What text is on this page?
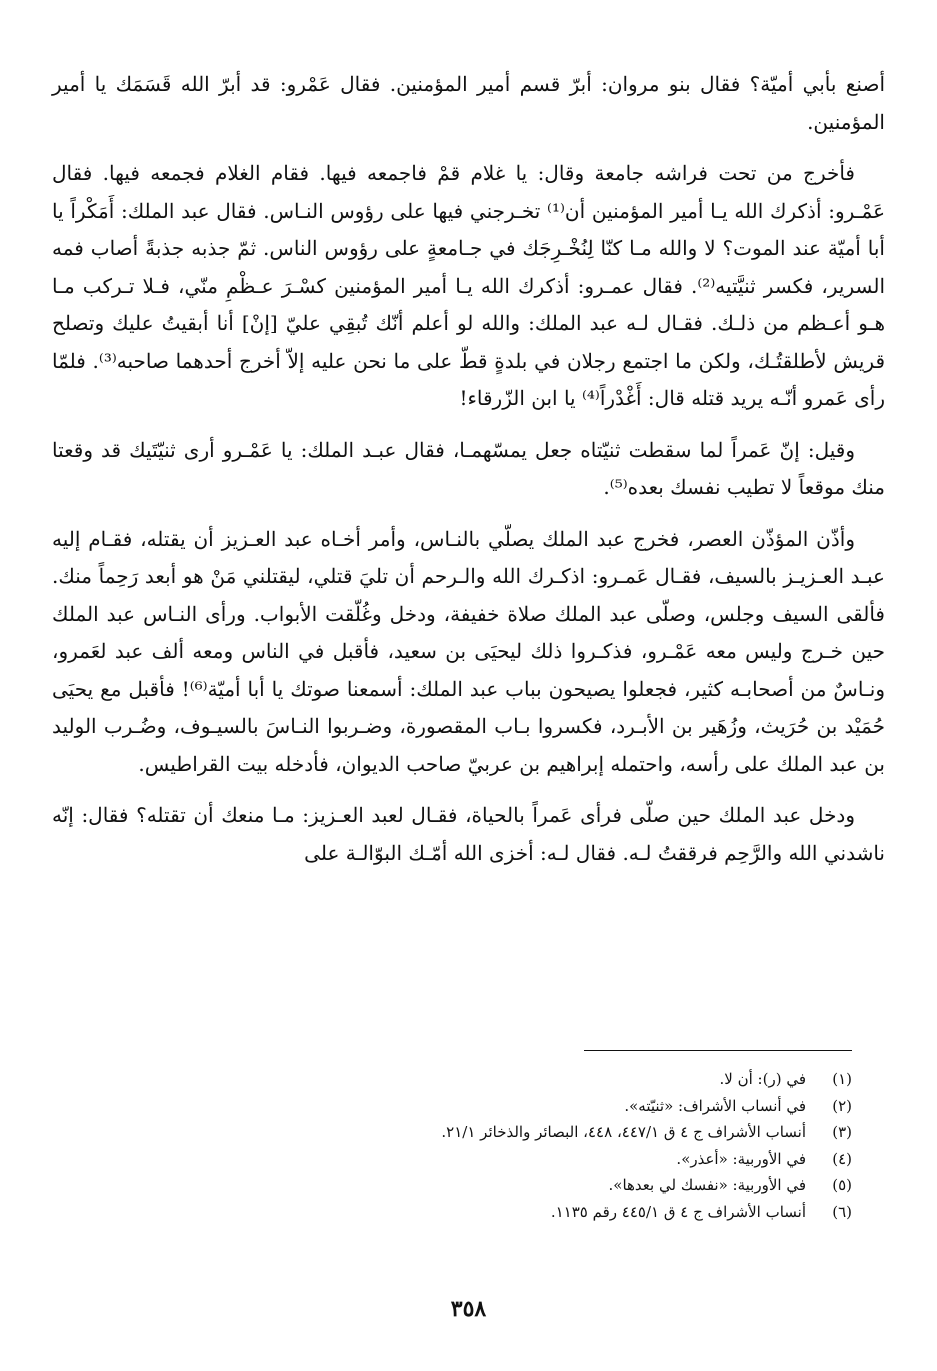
أصنع بأبي أميّة؟ فقال بنو مروان: أبرّ قسم أمير المؤمنين. فقال عَمْرو: قد أبرّ الله قَسَمَك يا أمير المؤمنين.

فأخرج من تحت فراشه جامعة وقال: يا غلام قمْ فاجمعه فيها. فقام الغلام فجمعه فيها. فقال عَمْـرو: أذكرك الله يـا أمير المؤمنين أن⁽¹⁾ تخـرجني فيها على رؤوس النـاس. فقال عبد الملك: أَمَكْراً يا أبا أميّة عند الموت؟ لا والله مـا كنّا لِنُخْـرِجَك في جـامعةٍ على رؤوس الناس. ثمّ جذبه جذبةً أصاب فمه السرير، فكسر ثنيَّتيه⁽²⁾. فقال عمـرو: أذكرك الله يـا أمير المؤمنين كسْـرَ عـظْمِ منّي، فـلا تـركب مـا هـو أعـظم من ذلـك. فقـال لـه عبد الملك: والله لو أعلم أنّك تُبقِي عليّ [إنْ] أنا أبقيتُ عليك وتصلح قريش لأطلقتُـك، ولكن ما اجتمع رجلان في بلدةٍ قطّ على ما نحن عليه إلاّ أخرج أحدهما صاحبه⁽³⁾. فلمّا رأى عَمرو أنّـه يريد قتله قال: أَغْدْراً⁽⁴⁾ يا ابن الزّرقاء!

وقيل: إنّ عَمراً لما سقطت ثنيّتاه جعل يمسّهمـا، فقال عبـد الملك: يا عَمْـرو أرى ثنيّتَيك قد وقعتا منك موقعاً لا تطيب نفسك بعده⁽⁵⁾.

وأذّن المؤذّن العصر، فخرج عبد الملك يصلّي بالنـاس، وأمر أخـاه عبد العـزيز أن يقتله، فقـام إليه عبـد العـزيـز بالسيف، فقـال عَمـرو: اذكـرك الله والـرحم أن تليَ قتلي، ليقتلني مَنْ هو أبعد رَحِماً منك. فألقى السيف وجلس، وصلّى عبد الملك صلاة خفيفة، ودخل وغُلّقت الأبواب. ورأى النـاس عبد الملك حين خـرج وليس معه عَمْـرو، فذكـروا ذلك ليحيَى بن سعيد، فأقبل في الناس ومعه ألف عبد لعَمرو، ونـاسٌ من أصحابـه كثير، فجعلوا يصيحون بباب عبد الملك: أسمعنا صوتك يا أبا أميّة⁽⁶⁾! فأقبل مع يحيَى حُمَيْد بن حُرَيث، وزُهَير بن الأبـرد، فكسروا بـاب المقصورة، وضـربوا النـاسَ بالسيـوف، وضُـرب الوليد بن عبد الملك على رأسه، واحتمله إبراهيم بن عربيّ صاحب الديوان، فأدخله بيت القراطيس.

ودخل عبد الملك حين صلّى فرأى عَمراً بالحياة، فقـال لعبد العـزيز: مـا منعك أن تقتله؟ فقال: إنّه ناشدني الله والرَّحِم فرققتُ لـه. فقال لـه: أخزى الله أمّـك البوّالـة على

(١)
في (ر): أن لا.
(٢)
في أنساب الأشراف: «ثنيّته».
(٣)
أنساب الأشراف ج ٤ ق ٤٤٧/١، ٤٤٨، البصائر والذخائر ٢١/١.
(٤)
في الأوربية: «أعذر».
(٥)
في الأوربية: «نفسك لي بعدها».
(٦)
أنساب الأشراف ج ٤ ق ٤٤٥/١ رقم ١١٣٥.
٣٥٨
